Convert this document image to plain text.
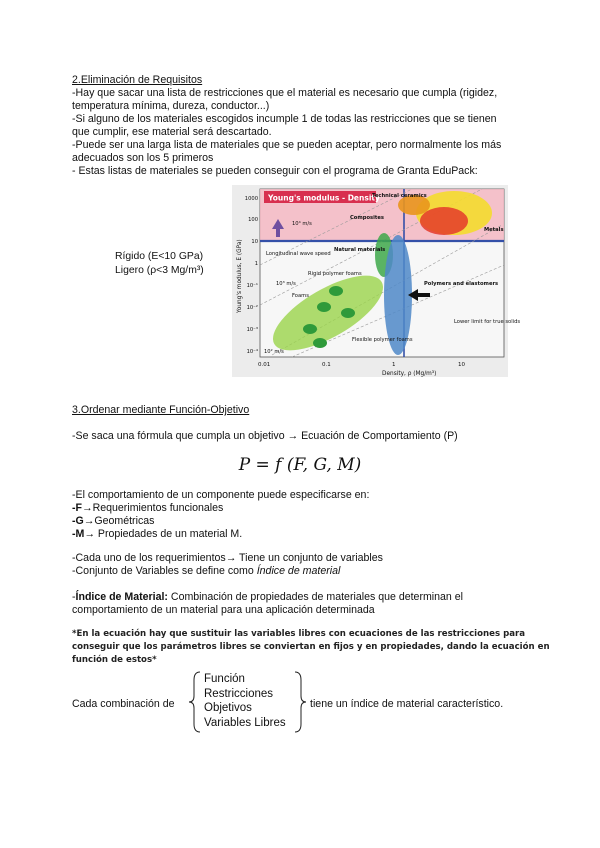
2.Eliminación de Requisitos
-Hay que sacar una lista de restricciones que el material es necesario que cumpla (rigidez,
temperatura mínima, dureza, conductor...)
-Si alguno de los materiales escogidos incumple 1 de todas las restricciones que se tienen
que cumplir, ese material será descartado.
-Puede ser una larga lista de materiales que se pueden aceptar, pero normalmente los más
adecuados son los 5 primeros
- Estas listas de materiales se pueden conseguir con el programa de Granta EduPack:
Rígido (E<10 GPa)
Ligero (ρ<3 Mg/m³)
Young's modulus - Density
Technical ceramics
Composites
Metals
Natural materials
Polymers and elastomers
Foams
Rigid polymer foams
Flexible polymer foams
Longitudinal wave speed
Lower limit for true solids
10² m/s
10⁴ m/s
10³ m/s
0.01	0.1	1	10
1000
100
10
1
10⁻¹
10⁻²
10⁻³
10⁻⁴
Density, ρ (Mg/m³)
Young's modulus, E (GPa)
3.Ordenar mediante Función-Objetivo
-Se saca una fórmula que cumpla un objetivo → Ecuación de Comportamiento (P)
P = f (F, G, M)
-El comportamiento de un componente puede especificarse en:
-F→Requerimientos funcionales
-G→Geométricas
-M→ Propiedades de un material M.
-Cada uno de los requerimientos→ Tiene un conjunto de variables
-Conjunto de Variables se define como Índice de material
-Índice de Material: Combinación de propiedades de materiales que determinan el
comportamiento de un material para una aplicación determinada
*En la ecuación hay que sustituir las variables libres con ecuaciones de las restricciones para
conseguir que los parámetros libres se conviertan en fijos y en propiedades, dando la ecuación en
función de estos*
Cada combinación de
Función
Restricciones
Objetivos
Variables Libres
tiene un índice de material característico.
